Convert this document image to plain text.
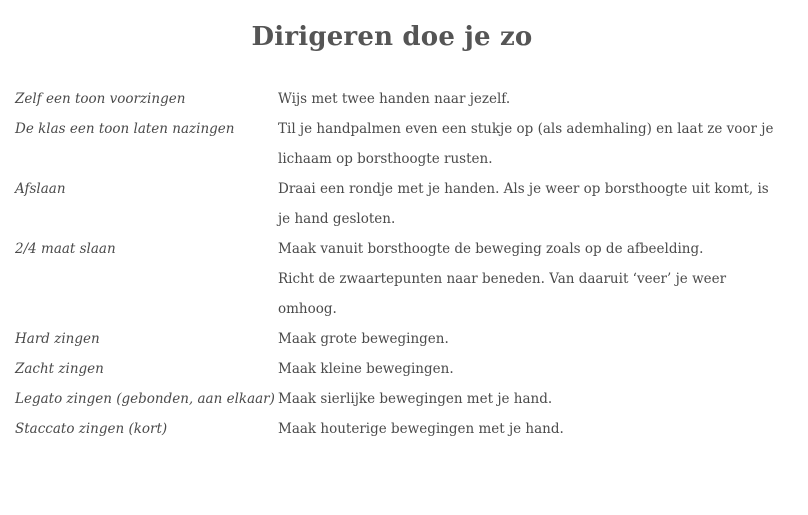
Dirigeren doe je zo
Zelf een toon voorzingen	Wijs met twee handen naar jezelf.
De klas een toon laten nazingen	Til je handpalmen even een stukje op (als ademhaling) en laat ze voor je lichaam op borsthoogte rusten.
Afslaan	Draai een rondje met je handen. Als je weer op borsthoogte uit komt, is je hand gesloten.
2/4 maat slaan	Maak vanuit borsthoogte de beweging zoals op de afbeelding.
Richt de zwaartepunten naar beneden. Van daaruit ‘veer’ je weer omhoog.
Hard zingen	Maak grote bewegingen.
Zacht zingen	Maak kleine bewegingen.
Legato zingen (gebonden, aan elkaar) Maak sierlijke bewegingen met je hand.
Staccato zingen (kort)	Maak houterige bewegingen met je hand.
